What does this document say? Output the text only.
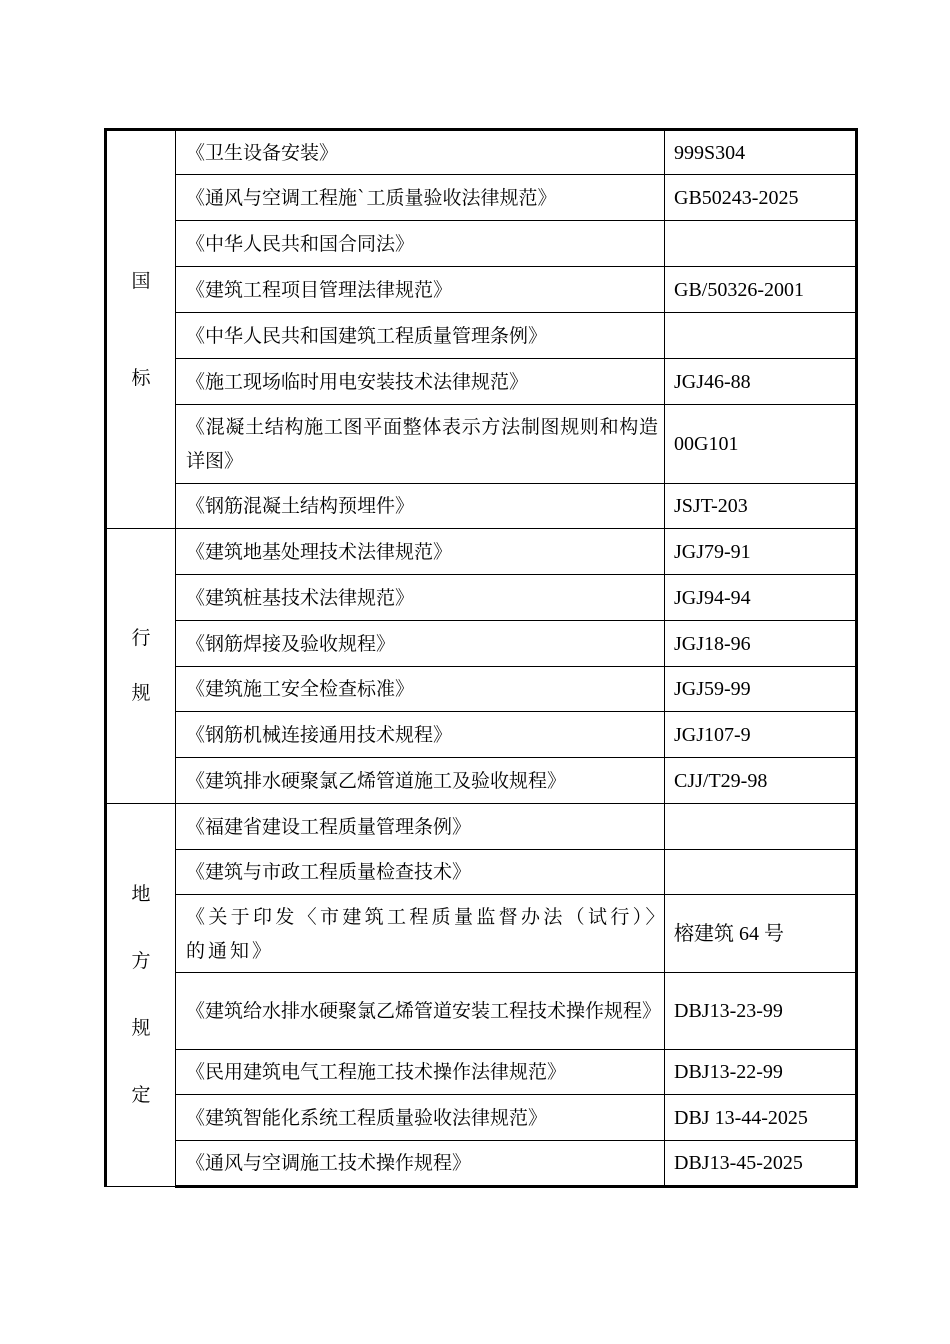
国
标	《卫生设备安装》	999S304
	《通风与空调工程施`工质量验收法律规范》	GB50243-2025
	《中华人民共和国合同法》	
	《建筑工程项目管理法律规范》	GB/50326-2001
	《中华人民共和国建筑工程质量管理条例》	
	《施工现场临时用电安装技术法律规范》	JGJ46-88
	《混凝土结构施工图平面整体表示方法制图规则和构造详图》	00G101
	《钢筋混凝土结构预埋件》	JSJT-203

行
规	《建筑地基处理技术法律规范》	JGJ79-91
	《建筑桩基技术法律规范》	JGJ94-94
	《钢筋焊接及验收规程》	JGJ18-96
	《建筑施工安全检查标准》	JGJ59-99
	《钢筋机械连接通用技术规程》	JGJ107-9
	《建筑排水硬聚氯乙烯管道施工及验收规程》	CJJ/T29-98

地
方
规
定	《福建省建设工程质量管理条例》	
	《建筑与市政工程质量检查技术》	
	《关于印发〈市建筑工程质量监督办法（试行）〉的通知》	榕建筑 64 号
	《建筑给水排水硬聚氯乙烯管道安装工程技术操作规程》	DBJ13-23-99
	《民用建筑电气工程施工技术操作法律规范》	DBJ13-22-99
	《建筑智能化系统工程质量验收法律规范》	DBJ 13-44-2025
	《通风与空调施工技术操作规程》	DBJ13-45-2025
